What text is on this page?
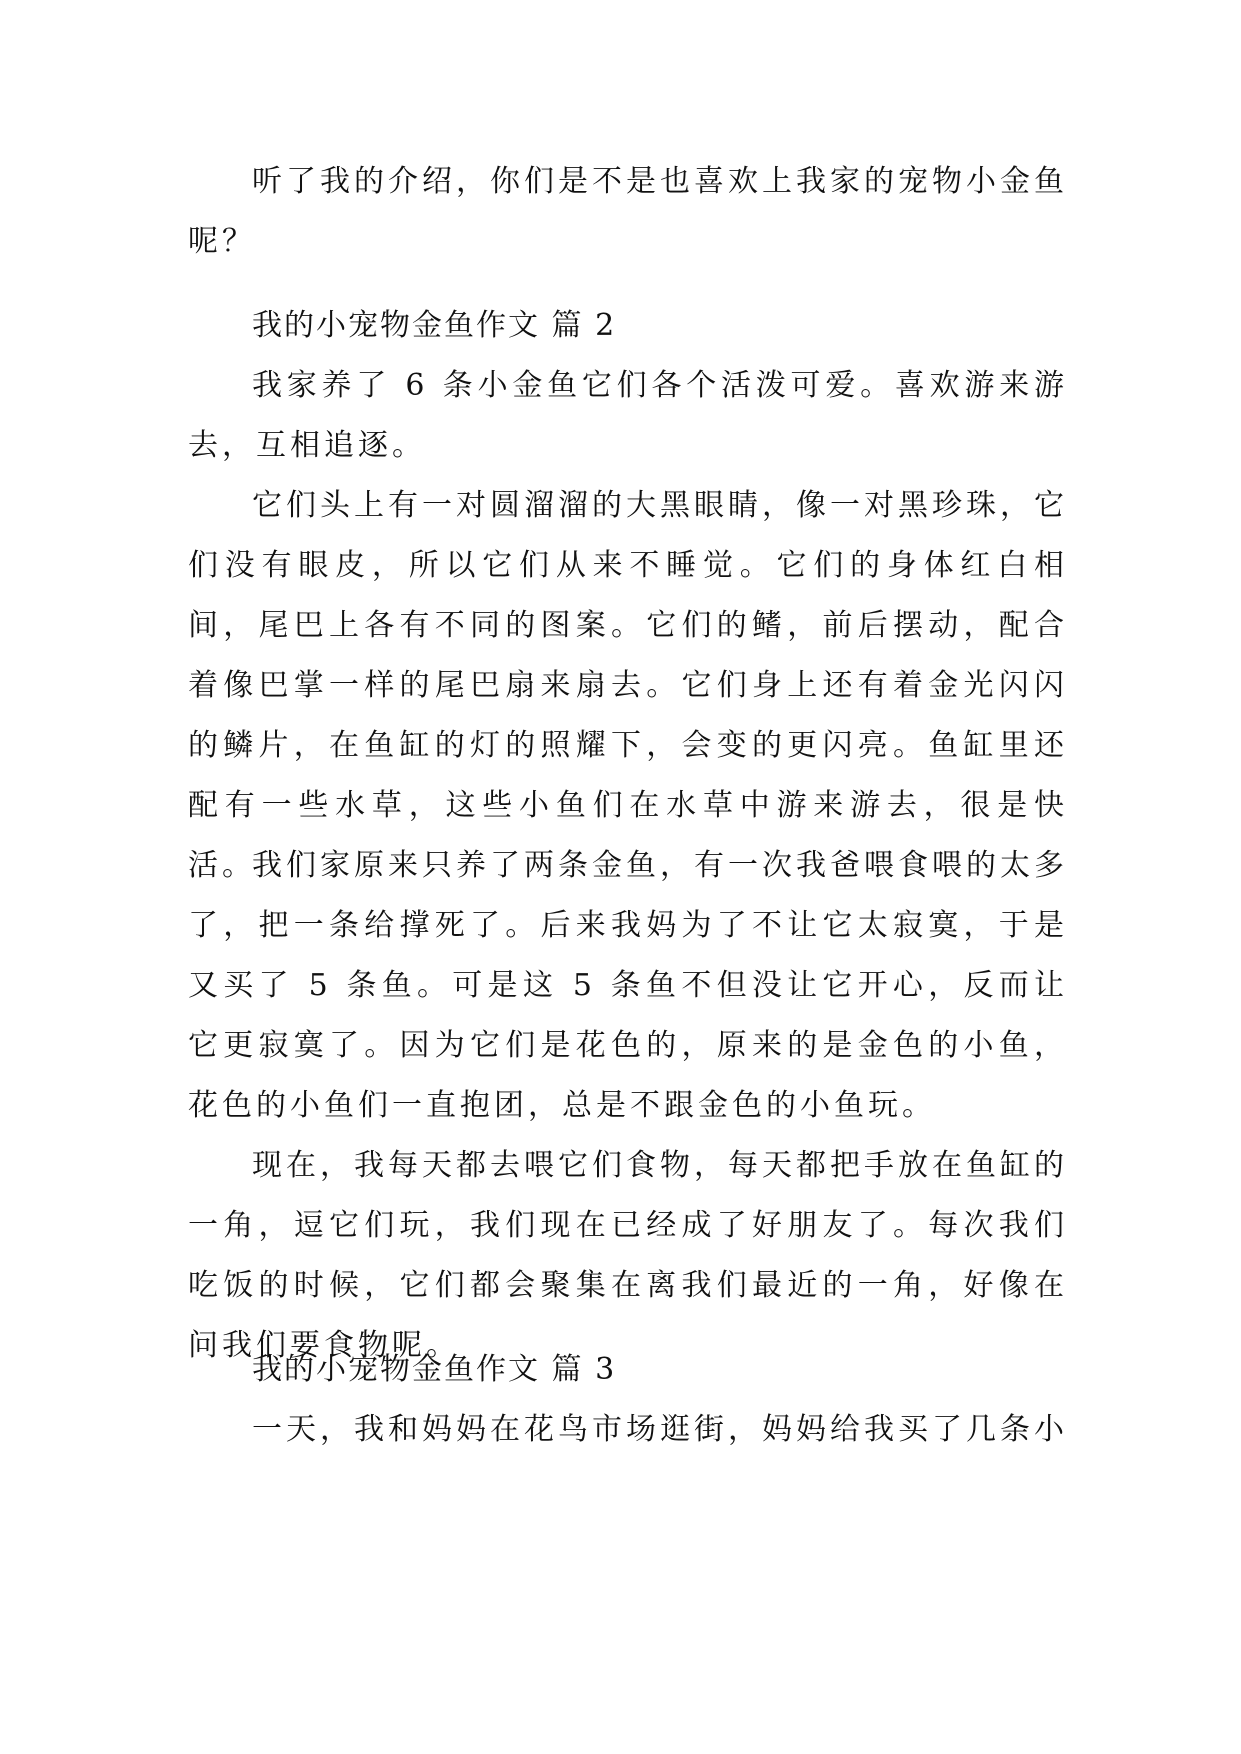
听了我的介绍，你们是不是也喜欢上我家的宠物小金鱼呢？

我的小宠物金鱼作文 篇 2

我家养了 6 条小金鱼它们各个活泼可爱。喜欢游来游去，互相追逐。

它们头上有一对圆溜溜的大黑眼睛，像一对黑珍珠，它们没有眼皮，所以它们从来不睡觉。它们的身体红白相间，尾巴上各有不同的图案。它们的鳍，前后摆动，配合着像巴掌一样的尾巴扇来扇去。它们身上还有着金光闪闪的鳞片，在鱼缸的灯的照耀下，会变的更闪亮。鱼缸里还配有一些水草，这些小鱼们在水草中游来游去，很是快活。

我们家原来只养了两条金鱼，有一次我爸喂食喂的太多了，把一条给撑死了。后来我妈为了不让它太寂寞，于是又买了 5 条鱼。可是这 5 条鱼不但没让它开心，反而让它更寂寞了。因为它们是花色的，原来的是金色的小鱼，花色的小鱼们一直抱团，总是不跟金色的小鱼玩。

现在，我每天都去喂它们食物，每天都把手放在鱼缸的一角，逗它们玩，我们现在已经成了好朋友了。每次我们吃饭的时候，它们都会聚集在离我们最近的一角，好像在问我们要食物呢。

我的小宠物金鱼作文 篇 3

一天，我和妈妈在花鸟市场逛街，妈妈给我买了几条小
